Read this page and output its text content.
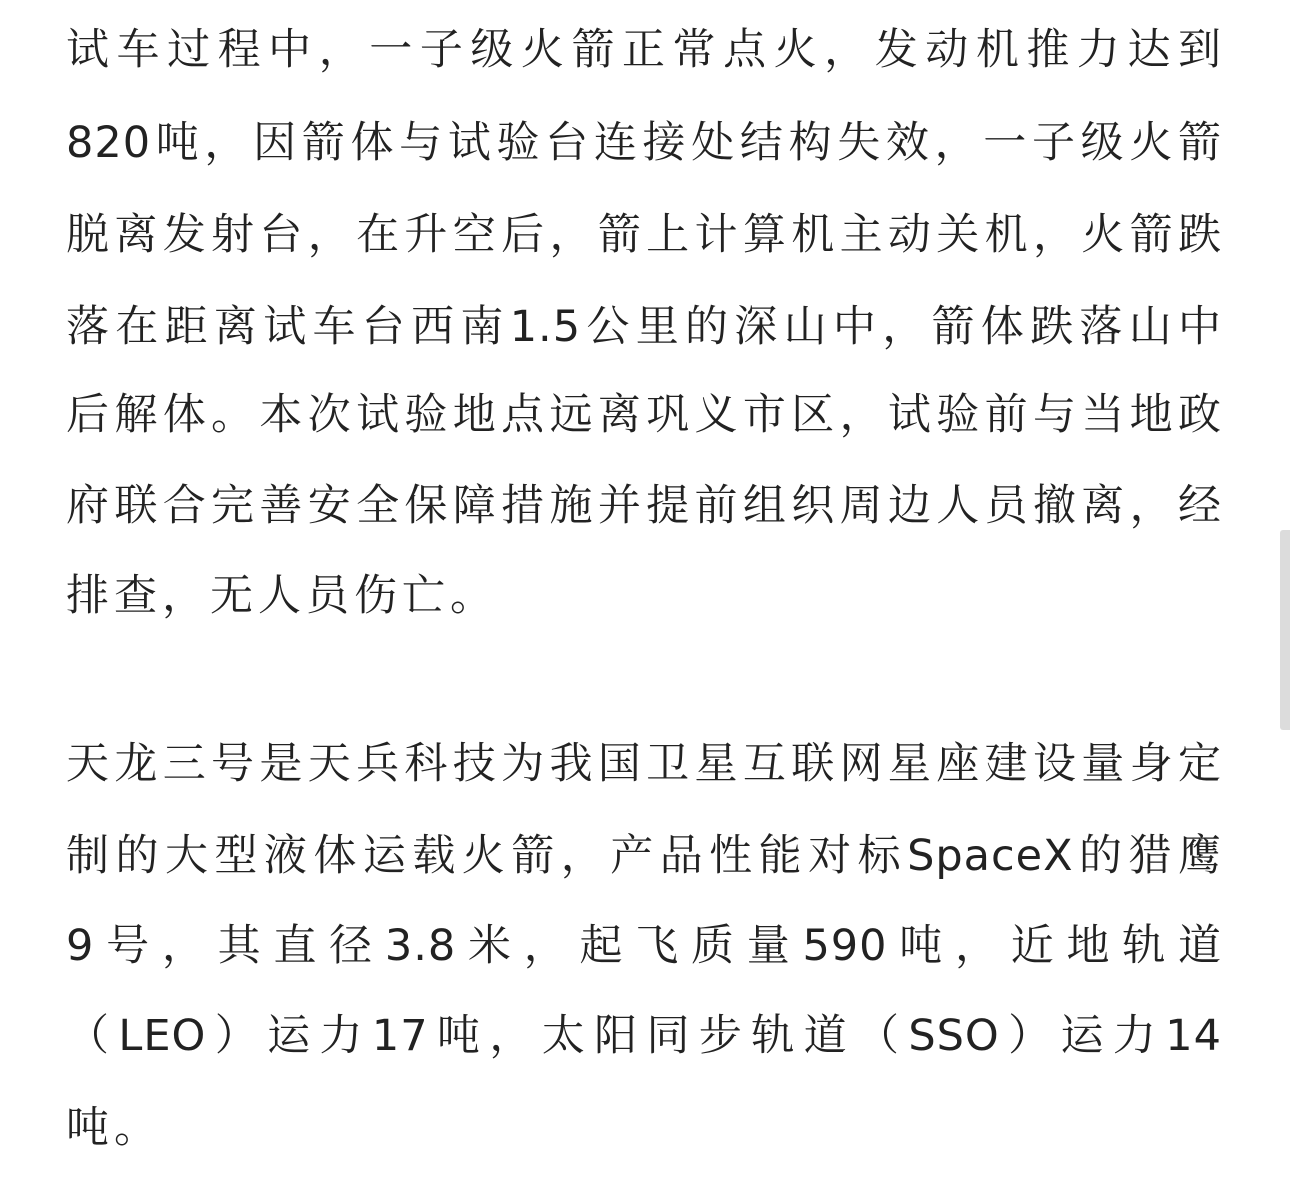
试车过程中，一子级火箭正常点火，发动机推力达到
820吨，因箭体与试验台连接处结构失效，一子级火箭
脱离发射台，在升空后，箭上计算机主动关机，火箭跌
落在距离试车台西南1.5公里的深山中，箭体跌落山中
后解体。本次试验地点远离巩义市区，试验前与当地政
府联合完善安全保障措施并提前组织周边人员撤离，经
排查，无人员伤亡。
天龙三号是天兵科技为我国卫星互联网星座建设量身定
制的大型液体运载火箭，产品性能对标SpaceX的猎鹰
9号，其直径3.8米，起飞质量590吨，近地轨道
（LEO）运力17吨，太阳同步轨道（SSO）运力14
吨。
